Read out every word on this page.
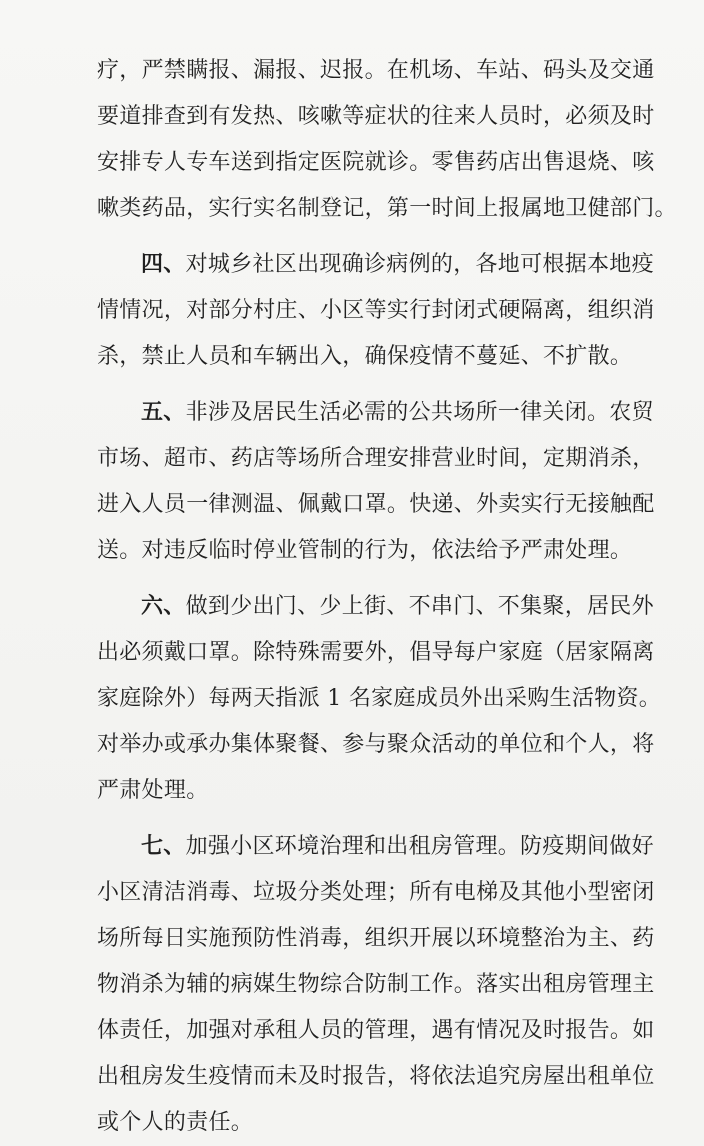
疗，严禁瞒报、漏报、迟报。在机场、车站、码头及交通
要道排查到有发热、咳嗽等症状的往来人员时，必须及时
安排专人专车送到指定医院就诊。零售药店出售退烧、咳
嗽类药品，实行实名制登记，第一时间上报属地卫健部门。
四、对城乡社区出现确诊病例的，各地可根据本地疫
情情况，对部分村庄、小区等实行封闭式硬隔离，组织消
杀，禁止人员和车辆出入，确保疫情不蔓延、不扩散。
五、非涉及居民生活必需的公共场所一律关闭。农贸
市场、超市、药店等场所合理安排营业时间，定期消杀，
进入人员一律测温、佩戴口罩。快递、外卖实行无接触配
送。对违反临时停业管制的行为，依法给予严肃处理。
六、做到少出门、少上街、不串门、不集聚，居民外
出必须戴口罩。除特殊需要外，倡导每户家庭（居家隔离
家庭除外）每两天指派 1 名家庭成员外出采购生活物资。
对举办或承办集体聚餐、参与聚众活动的单位和个人，将
严肃处理。
七、加强小区环境治理和出租房管理。防疫期间做好
小区清洁消毒、垃圾分类处理；所有电梯及其他小型密闭
场所每日实施预防性消毒，组织开展以环境整治为主、药
物消杀为辅的病媒生物综合防制工作。落实出租房管理主
体责任，加强对承租人员的管理，遇有情况及时报告。如
出租房发生疫情而未及时报告，将依法追究房屋出租单位
或个人的责任。
